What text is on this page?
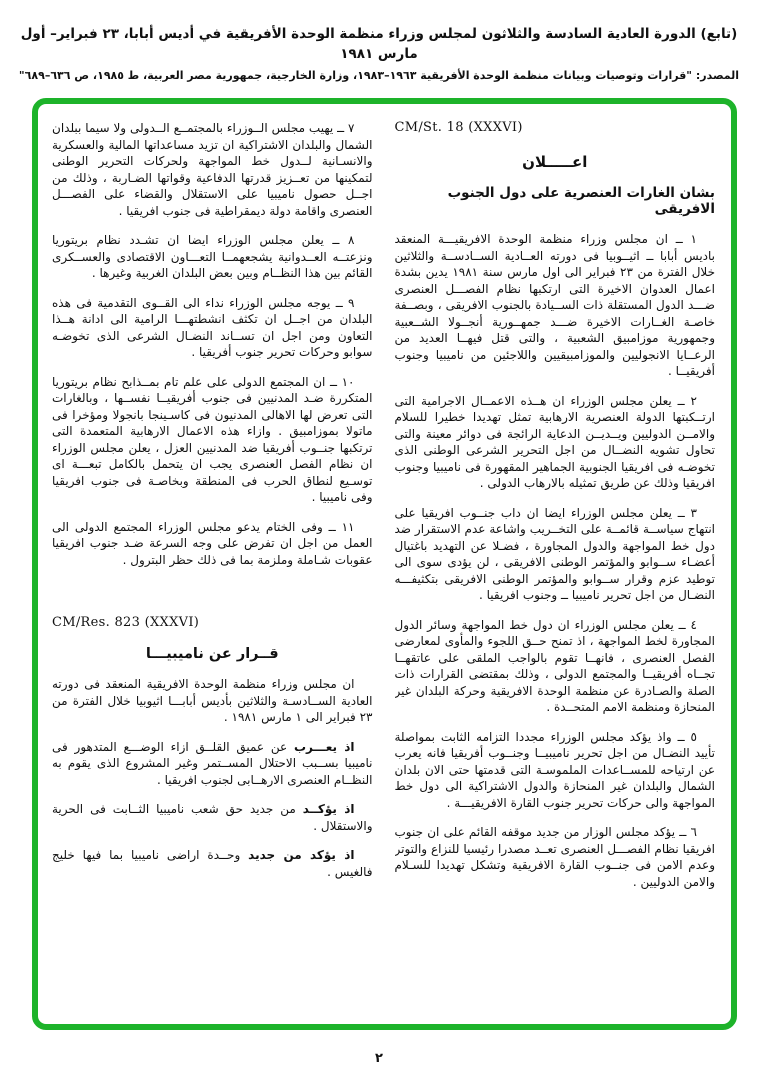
(تابع) الدورة العادية السادسة والثلاثون لمجلس وزراء منظمة الوحدة الأفريقية في أديس أبابا، ٢٣ فبراير– أول مارس ١٩٨١
المصدر: "قرارات وتوصيات وبيانات منظمة الوحدة الأفريقية ١٩٦٣–١٩٨٣، وزارة الخارجية، جمهورية مصر العربية، ط ١٩٨٥، ص ٦٣٦–٦٨٩"
CM/St. 18 (XXXVI)
اعـــــلان
بشان الغارات العنصرية على دول الجنوب الافريقى

١ ــ ان مجلس وزراء منظمة الوحدة الافريقيـــة المنعقد باديس أبابا ــ اثيــوبيا فى دورته العــادية الســادســة والثلاثين خلال الفترة من ٢٣ فبراير الى اول مارس سنة ١٩٨١ يدين بشدة اعمال العدوان الاخيرة التى ارتكبها نظام الفصـــل العنصرى ضـــد الدول المستقلة ذات الســيادة بالجنوب الافريقى ، وبصــفة خاصـة الغــارات الاخيرة ضـــد جمهــورية أنجــولا الشــعبية وجمهورية موزامبيق الشعبية ، والتى قتل فيهــا العديد من الرعــايا الانجوليين والموزامبيقيين واللاجئين من ناميبيا وجنوب أفريقيــا .

٢ ــ يعلن مجلس الوزراء ان هــذه الاعمــال الاجرامية التى ارتــكبتها الدولة العنصرية الارهابية تمثل تهديدا خطيرا للسلام والامــن الدوليين ويــديــن الدعاية الرائجة فى دوائر معينة والتى تحاول تشويه النضــال من اجل التحرير الشرعى الوطنى الذى تخوضـه فى افريقيا الجنوبية الجماهير المقهورة فى ناميبيا وجنوب افريقيا وذلك عن طريق تمثيله بالارهاب الدولى .

٣ ــ يعلن مجلس الوزراء ايضا ان داب جنــوب افريقيا على انتهاج سياســة قائمــة على التخــريب واشاعة عدم الاستقرار ضد دول خط المواجهة والدول المجاورة ، فضـلا عن التهديد باغتيال أعضـاء ســوابو والمؤتمر الوطنى الافريقى ، لن يؤدى سوى الى توطيد عزم وقرار ســوابو والمؤتمر الوطنى الافريقى بتكثيفـــه النضـال من اجل تحرير ناميبيا ــ وجنوب افريقيا .

٤ ــ يعلن مجلس الوزراء ان دول خط المواجهة وسائر الدول المجاورة لخط المواجهة ، اذ تمنح حــق اللجوء والمأوى لمعارضى الفصل العنصرى ، فانهــا تقوم بالواجب الملقى على عاتقهــا تجــاه أفريقيــا والمجتمع الدولى ، وذلك بمقتضى القرارات ذات الصلة والصـادرة عن منظمة الوحدة الافريقية وحركة البلدان غير المنحازة ومنظمة الامم المتحــدة .

٥ ــ واذ يؤكد مجلس الوزراء مجددا التزامه الثابت بمواصلة تأييد النضـال من اجل تحرير ناميبيــا وجنــوب أفريقيا فانه يعرب عن ارتياحه للمســاعدات الملموسـة التى قدمتها حتى الان بلدان الشمال والبلدان غير المنحازة والدول الاشتراكية الى دول خط المواجهة والى حركات تحرير جنوب القارة الافريقيـــة .

٦ ــ يؤكد مجلس الوزار من جديد موقفه القائم على ان جنوب افريقيا نظام الفصـــل العنصرى تعــد مصدرا رئيسيا للنزاع والتوتر وعدم الامن فى جنــوب القارة الافريقية وتشكل تهديدا للسـلام والامن الدوليين .

٧ ــ يهيب مجلس الــوزراء بالمجتمــع الــدولى ولا سيما ببلدان الشمال والبلدان الاشتراكية ان تزيد مساعداتها المالية والعسكرية والانسـانية لــدول خط المواجهة ولحركات التحرير الوطنى لتمكينها من تعــزيز قدرتها الدفاعية وقواتها الضـاربة ، وذلك من اجــل حصول ناميبيا على الاستقلال والقضاء على الفصـــل العنصرى واقامة دولة ديمقراطية فى جنوب افريقيا .

٨ ــ يعلن مجلس الوزراء ايضا ان تشـدد نظام بريتوريا ونزعتــه العــدوانية يشجعهمــا التعـــاون الاقتصادى والعســكرى القائم بين هذا النظــام وبين بعض البلدان الغربية وغيرها .

٩ ــ يوجه مجلس الوزراء نداء الى القــوى التقدمية فى هذه البلدان من اجــل ان تكثف انشطتهـــا الرامية الى ادانة هــذا التعاون ومن اجل ان تســاند النضـال الشرعى الذى تخوضـه سوابو وحركات تحرير جنوب أفريقيا .

١٠ ــ ان المجتمع الدولى على علم تام بمــذابح نظام بريتوريا المتكررة ضـد المدنيين فى جنوب أفريقيــا نفســها ، وبالغارات التى تعرض لها الاهالى المدنيون فى كاسـينجا بانجولا ومؤخرا فى ماتولا بموزامبيق . وازاء هذه الاعمال الارهابية المتعمدة التى ترتكبها جنــوب أفريقيا ضد المدنيين العزل ، يعلن مجلس الوزراء ان نظام الفصل العنصرى يجب ان يتحمل بالكامل تبعـــة اى توسـيع لنطاق الحرب فى المنطقة وبخاصـة فى جنوب افريقيا وفى ناميبيا .

١١ ــ وفى الختام يدعو مجلس الوزراء المجتمع الدولى الى العمل من اجل ان تفرض على وجه السرعة ضـد جنوب افريقيا عقوبات شـاملة وملزمة بما فى ذلك حظر البترول .

CM/Res. 823 (XXXVI)
قــرار عن ناميبيـــا

ان مجلس وزراء منظمة الوحدة الافريقية المنعقد فى دورته العادية الســادسـة والثلاثين بأديس أبابـــا اثيوبيا خلال الفترة من ٢٣ فبراير الى ١ مارس ١٩٨١ .

اذ يعـــرب عن عميق القلــق ازاء الوضـــع المتدهور فى ناميبيا بســبب الاحتلال المســتمر وغير المشروع الذى يقوم به النظــام العنصرى الارهــابى لجنوب افريقيا .

اذ يؤكــد من جديد حق شعب ناميبيا الثــابت فى الحرية والاستقلال .

اذ يؤكد من جديد وحــدة اراضى ناميبيا بما فيها خليج فالغيس .

٢
